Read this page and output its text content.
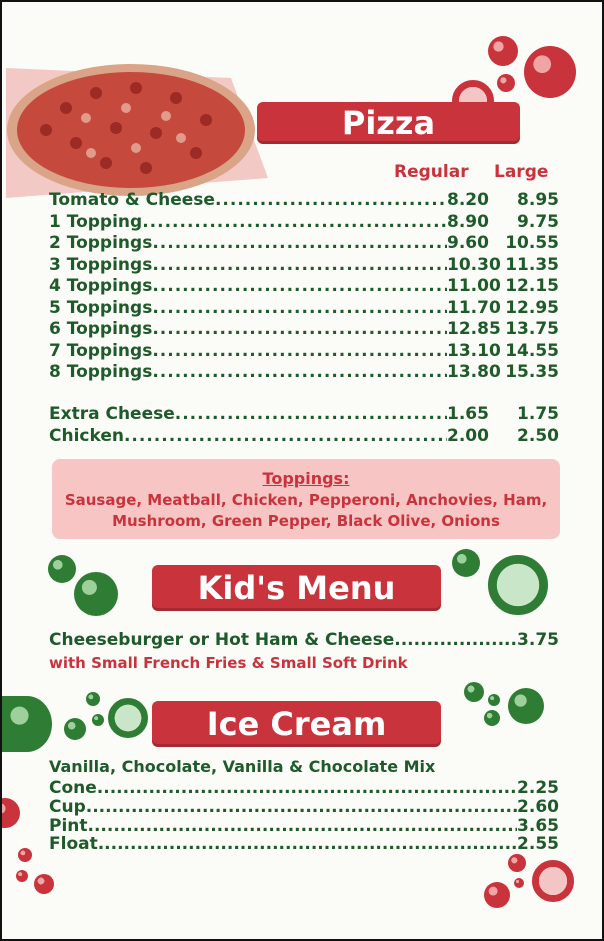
Pizza
Regular Large
Tomato & Cheese .....	8.20	8.95
1 Topping .....	8.90	9.75
2 Toppings .....	9.60 10.55
3 Toppings .....	10.30 11.35
4 Toppings .....	11.00 12.15
5 Toppings .....	11.70 12.95
6 Toppings .....	12.85 13.75
7 Toppings .....	13.10 14.55
8 Toppings .....	13.80 15.35
Extra Cheese .....	1.65	1.75
Chicken .....	2.00	2.50
Toppings:
Sausage, Meatball, Chicken, Pepperoni, Anchovies, Ham,
Mushroom, Green Pepper, Black Olive, Onions
Kid's Menu
Cheeseburger or Hot Ham & Cheese .....	3.75
with Small French Fries & Small Soft Drink
Ice Cream
Vanilla, Chocolate, Vanilla & Chocolate Mix
Cone .....	2.25
Cup .....	2.60
Pint .....	3.65
Float .....	2.55
